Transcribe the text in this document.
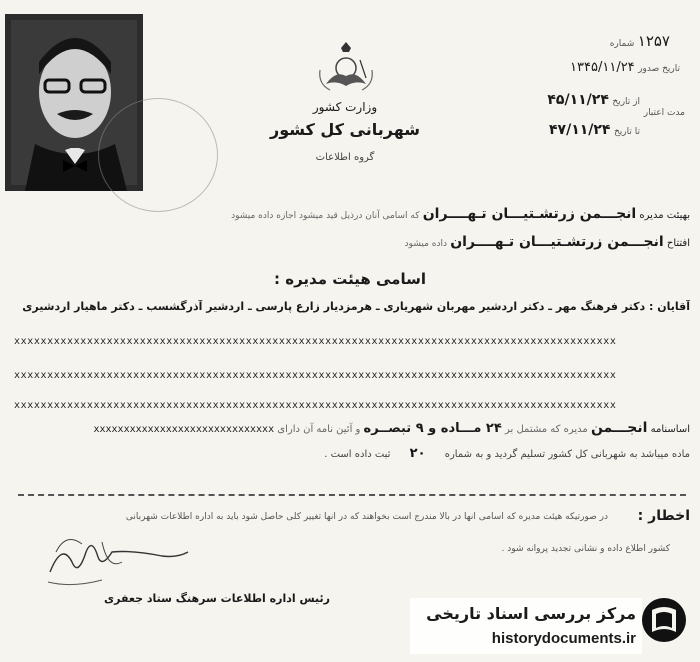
۱۲۵۷ شماره
تاریخ صدور ۱۳۴۵/۱۱/۲۴
مدت اعتبار
از تاریخ ۴۵/۱۱/۲۴
تا تاریخ ۴۷/۱۱/۲۴
وزارت کشور
شهربانی کل کشور
گروه اطلاعات
بهیئت مدیره انجـــمن زرتشـتیـــان تـهــــران که اسامی آنان درذیل قید میشود اجازه داده میشود
افتتاح انجـــمن زرتشـتیـــان تـهــــران داده میشود
اسامی هیئت مدیره :
آقایان : دکتر فرهنگ مهر ـ دکتر اردشیر مهربان شهریاری ـ هرمزدیار زارع پارسی ـ اردشیر آذرگشسب ـ دکتر ماهیار اردشیری
xxxxxxxxxxxxxxxxxxxxxxxxxxxxxxxxxxxxxxxxxxxxxxxxxxxxxxxxxxxxxxxxxxxxxxxxxxxxxxxxxxxxxxxxxxx
xxxxxxxxxxxxxxxxxxxxxxxxxxxxxxxxxxxxxxxxxxxxxxxxxxxxxxxxxxxxxxxxxxxxxxxxxxxxxxxxxxxxxxxxxxx
xxxxxxxxxxxxxxxxxxxxxxxxxxxxxxxxxxxxxxxxxxxxxxxxxxxxxxxxxxxxxxxxxxxxxxxxxxxxxxxxxxxxxxxxxxx
اساسنامه انجـــمن مدیره که مشتمل بر ۲۴ مـــاده و ۹ تبصــره و آئین نامه آن دارای xxxxxxxxxxxxxxxxxxxxxxxxxxxxxx
ماده میباشد به شهربانی کل کشور تسلیم گردید و به شماره ۲۰ ثبت داده است .
اخطار :
در صورتیکه هیئت مدیره که اسامی آنها در بالا مندرج است بخواهند که در آنها تغییر کلی حاصل شود باید به اداره اطلاعات شهربانی
کشور اطلاع داده و نشانی تجدید پروانه شود .
رئیس اداره اطلاعات سرهنگ ستاد جعفری
مرکز بررسی اسناد تاریخی
historydocuments.ir
